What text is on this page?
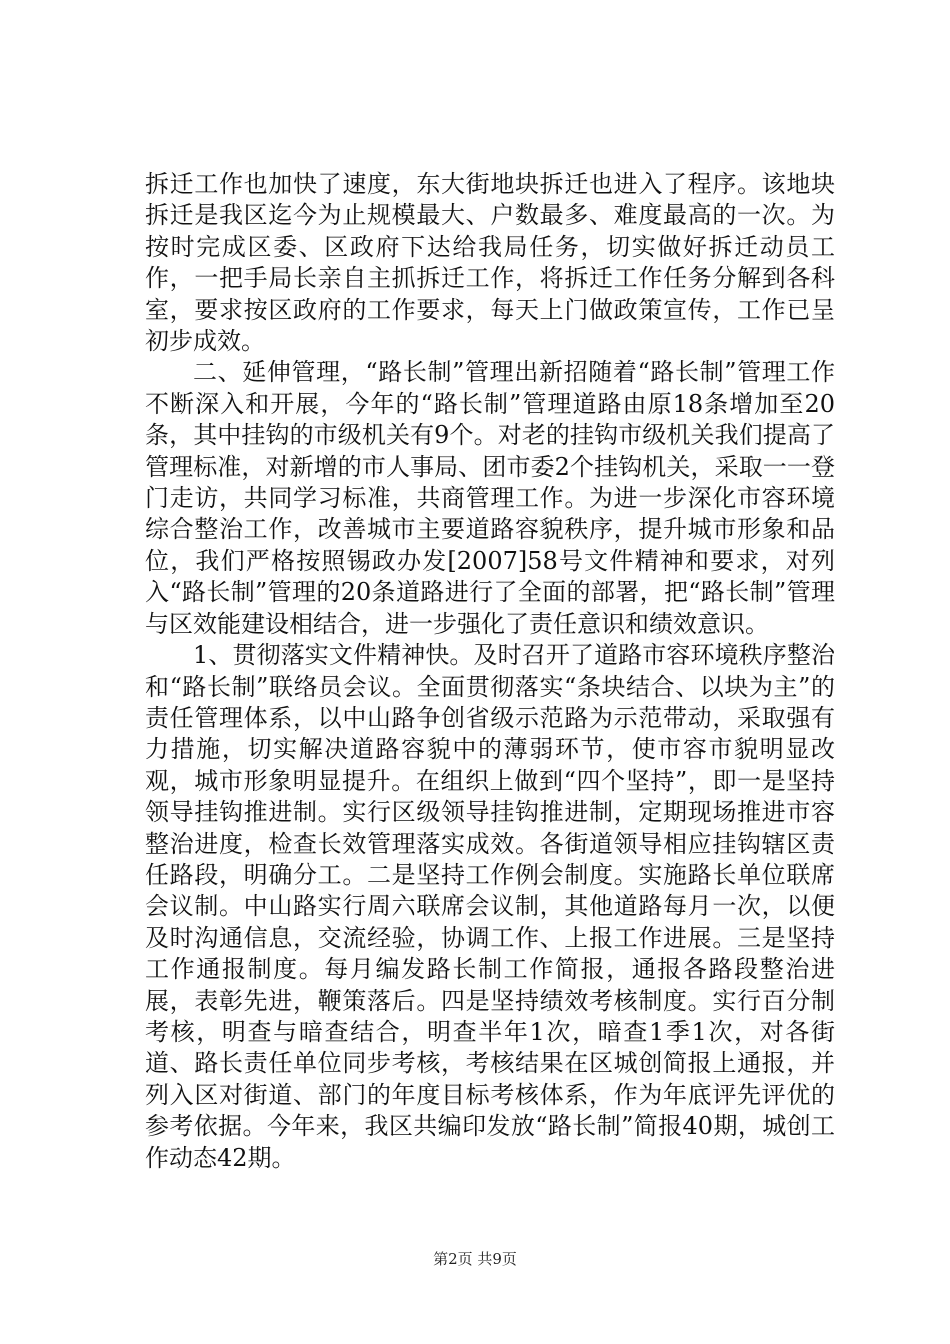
拆迁工作也加快了速度，东大街地块拆迁也进入了程序。该地块拆迁是我区迄今为止规模最大、户数最多、难度最高的一次。为按时完成区委、区政府下达给我局任务，切实做好拆迁动员工作，一把手局长亲自主抓拆迁工作，将拆迁工作任务分解到各科室，要求按区政府的工作要求，每天上门做政策宣传，工作已呈初步成效。

二、延伸管理，“路长制”管理出新招随着“路长制”管理工作不断深入和开展，今年的“路长制”管理道路由原18条增加至20条，其中挂钩的市级机关有9个。对老的挂钩市级机关我们提高了管理标准，对新增的市人事局、团市委2个挂钩机关，采取一一登门走访，共同学习标准，共商管理工作。为进一步深化市容环境综合整治工作，改善城市主要道路容貌秩序，提升城市形象和品位，我们严格按照锡政办发[2007]58号文件精神和要求，对列入“路长制”管理的20条道路进行了全面的部署，把“路长制”管理与区效能建设相结合，进一步强化了责任意识和绩效意识。

1、贯彻落实文件精神快。及时召开了道路市容环境秩序整治和“路长制”联络员会议。全面贯彻落实“条块结合、以块为主”的责任管理体系，以中山路争创省级示范路为示范带动，采取强有力措施，切实解决道路容貌中的薄弱环节，使市容市貌明显改观，城市形象明显提升。在组织上做到“四个坚持”，即一是坚持领导挂钩推进制。实行区级领导挂钩推进制，定期现场推进市容整治进度，检查长效管理落实成效。各街道领导相应挂钩辖区责任路段，明确分工。二是坚持工作例会制度。实施路长单位联席会议制。中山路实行周六联席会议制，其他道路每月一次，以便及时沟通信息，交流经验，协调工作、上报工作进展。三是坚持工作通报制度。每月编发路长制工作简报，通报各路段整治进展，表彰先进，鞭策落后。四是坚持绩效考核制度。实行百分制考核，明查与暗查结合，明查半年1次，暗查1季1次，对各街道、路长责任单位同步考核，考核结果在区城创简报上通报，并列入区对街道、部门的年度目标考核体系，作为年底评先评优的参考依据。今年来，我区共编印发放“路长制”简报40期，城创工作动态42期。

第2页 共9页
